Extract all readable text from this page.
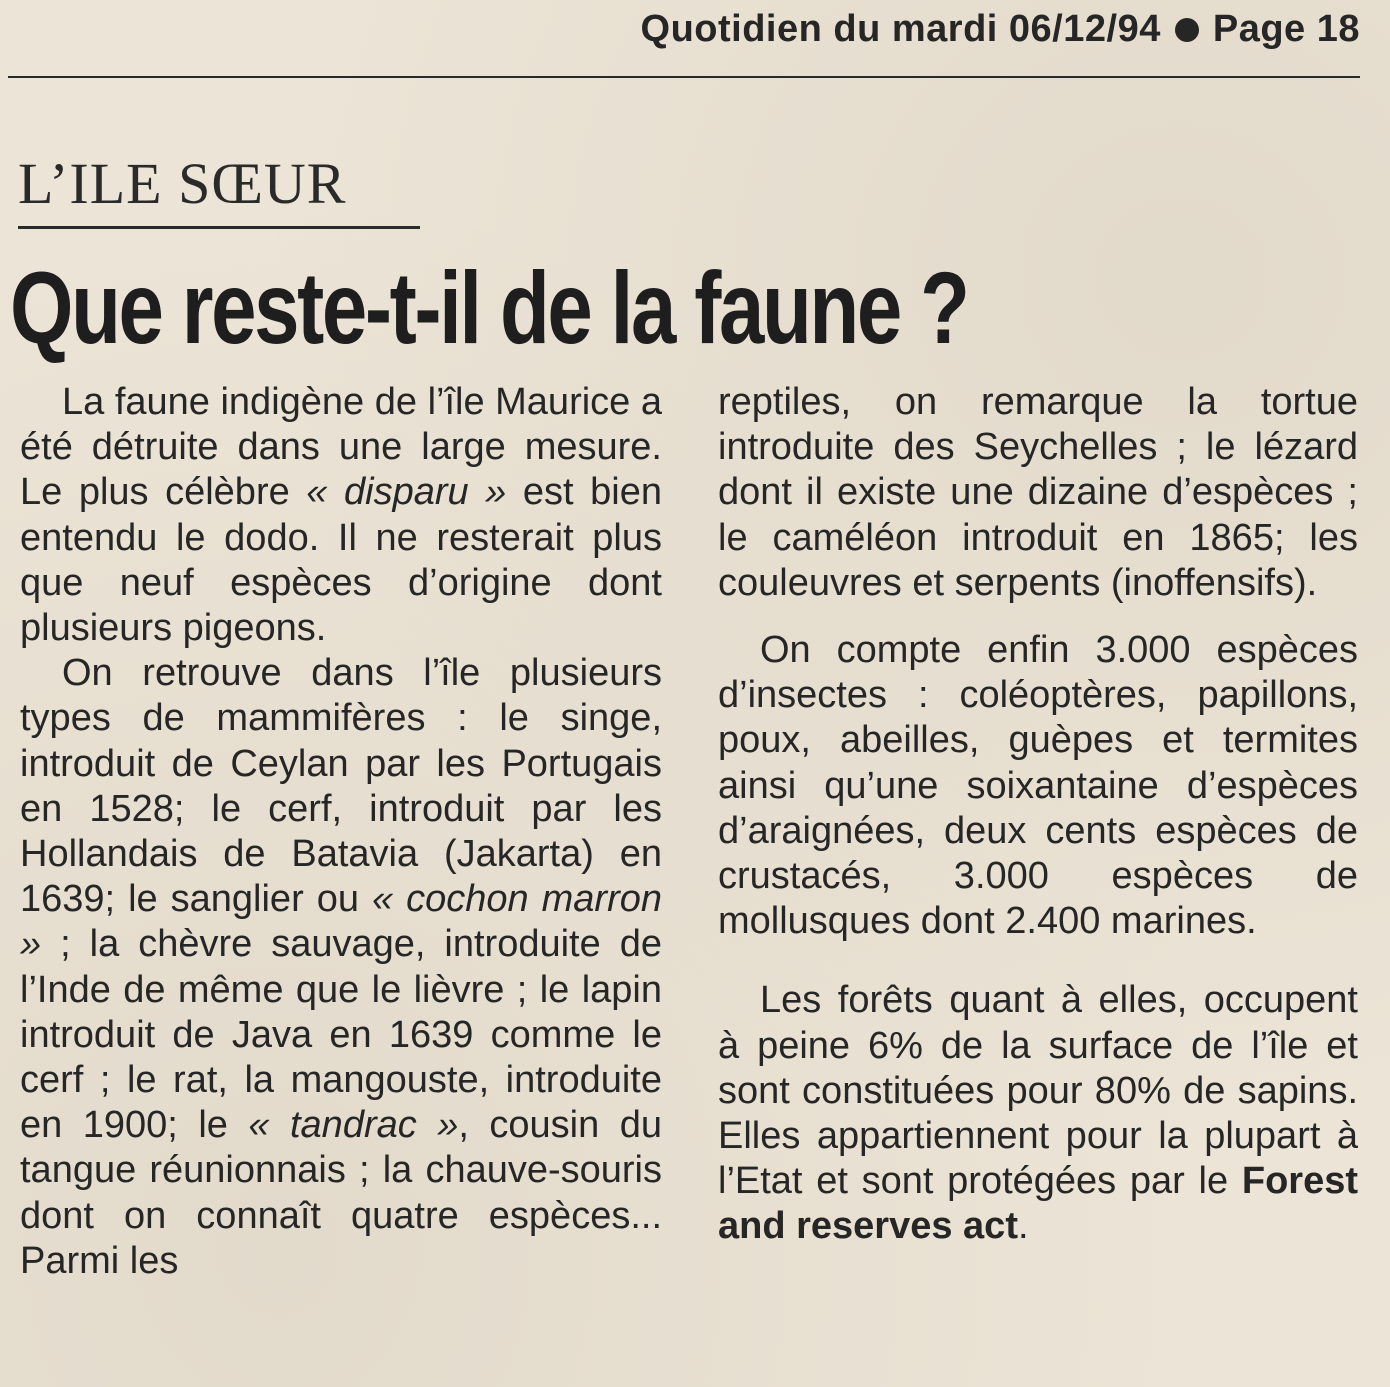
Quotidien du mardi 06/12/94 Page 18
L’ILE SŒUR
Que reste-t-il de la faune ?

La faune indigène de l’île Maurice a été détruite dans une large mesure. Le plus célèbre « disparu » est bien entendu le dodo. Il ne resterait plus que neuf espèces d’origine dont plusieurs pigeons.

On retrouve dans l’île plusieurs types de mammifères : le singe, introduit de Ceylan par les Portugais en 1528; le cerf, introduit par les Hollandais de Batavia (Jakarta) en 1639; le sanglier ou « cochon marron » ; la chèvre sauvage, introduite de l’Inde de même que le lièvre ; le lapin introduit de Java en 1639 comme le cerf ; le rat, la mangouste, introduite en 1900; le « tandrac », cousin du tangue réunionnais ; la chauve-souris dont on connaît quatre espèces... Parmi les

reptiles, on remarque la tortue introduite des Seychelles ; le lézard dont il existe une dizaine d’espèces ; le caméléon introduit en 1865; les couleuvres et serpents (inoffensifs).

On compte enfin 3.000 espèces d’insectes : coléoptères, papillons, poux, abeilles, guèpes et termites ainsi qu’une soixantaine d’espèces d’araignées, deux cents espèces de crustacés, 3.000 espèces de mollusques dont 2.400 marines.

Les forêts quant à elles, occupent à peine 6% de la surface de l’île et sont constituées pour 80% de sapins. Elles appartiennent pour la plupart à l’Etat et sont protégées par le Forest and reserves act.
